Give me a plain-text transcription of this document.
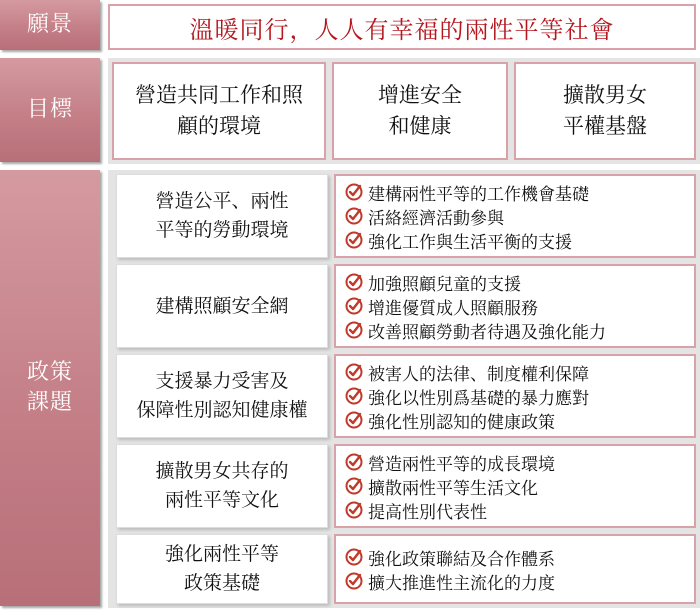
願景
目標
政策
課題
溫暖同行，人人有幸福的兩性平等社會
營造共同工作和照
顧的環境
增進安全
和健康
擴散男女
平權基盤
營造公平、兩性
平等的勞動環境
建構兩性平等的工作機會基礎
活絡經濟活動參與
強化工作與生活平衡的支援
建構照顧安全網
加強照顧兒童的支援
增進優質成人照顧服務
改善照顧勞動者待遇及強化能力
支援暴力受害及
保障性別認知健康權
被害人的法律、制度權利保障
強化以性別爲基礎的暴力應對
強化性別認知的健康政策
擴散男女共存的
兩性平等文化
營造兩性平等的成長環境
擴散兩性平等生活文化
提高性別代表性
強化兩性平等
政策基礎
強化政策聯結及合作體系
擴大推進性主流化的力度
